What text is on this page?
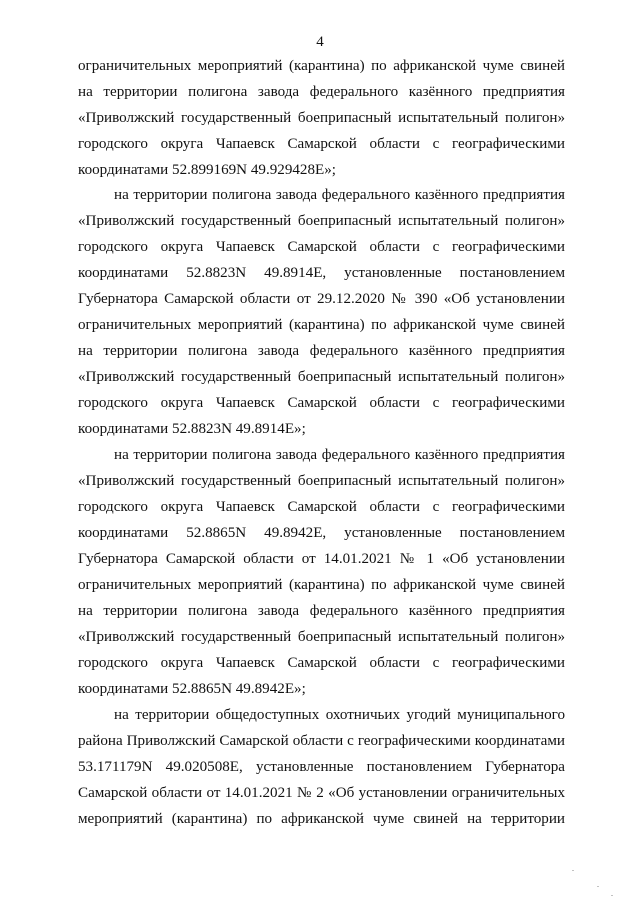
4
ограничительных мероприятий (карантина) по африканской чуме свиней
на территории полигона завода федерального казённого предприятия
«Приволжский государственный боеприпасный испытательный полигон»
городского округа Чапаевск Самарской области с географическими
координатами 52.899169N 49.929428E»;
на территории полигона завода федерального казённого предприятия
«Приволжский государственный боеприпасный испытательный полигон»
городского округа Чапаевск Самарской области с географическими
координатами 52.8823N 49.8914E, установленные постановлением
Губернатора Самарской области от 29.12.2020 № 390 «Об установлении
ограничительных мероприятий (карантина) по африканской чуме свиней
на территории полигона завода федерального казённого предприятия
«Приволжский государственный боеприпасный испытательный полигон»
городского округа Чапаевск Самарской области с географическими
координатами 52.8823N 49.8914E»;
на территории полигона завода федерального казённого предприятия
«Приволжский государственный боеприпасный испытательный полигон»
городского округа Чапаевск Самарской области с географическими
координатами 52.8865N 49.8942E, установленные постановлением
Губернатора Самарской области от 14.01.2021 № 1 «Об установлении
ограничительных мероприятий (карантина) по африканской чуме свиней
на территории полигона завода федерального казённого предприятия
«Приволжский государственный боеприпасный испытательный полигон»
городского округа Чапаевск Самарской области с географическими
координатами 52.8865N 49.8942E»;
на территории общедоступных охотничьих угодий муниципального
района Приволжский Самарской области с географическими координатами
53.171179N 49.020508E, установленные постановлением Губернатора
Самарской области от 14.01.2021 № 2 «Об установлении ограничительных
мероприятий (карантина) по африканской чуме свиней на территории
